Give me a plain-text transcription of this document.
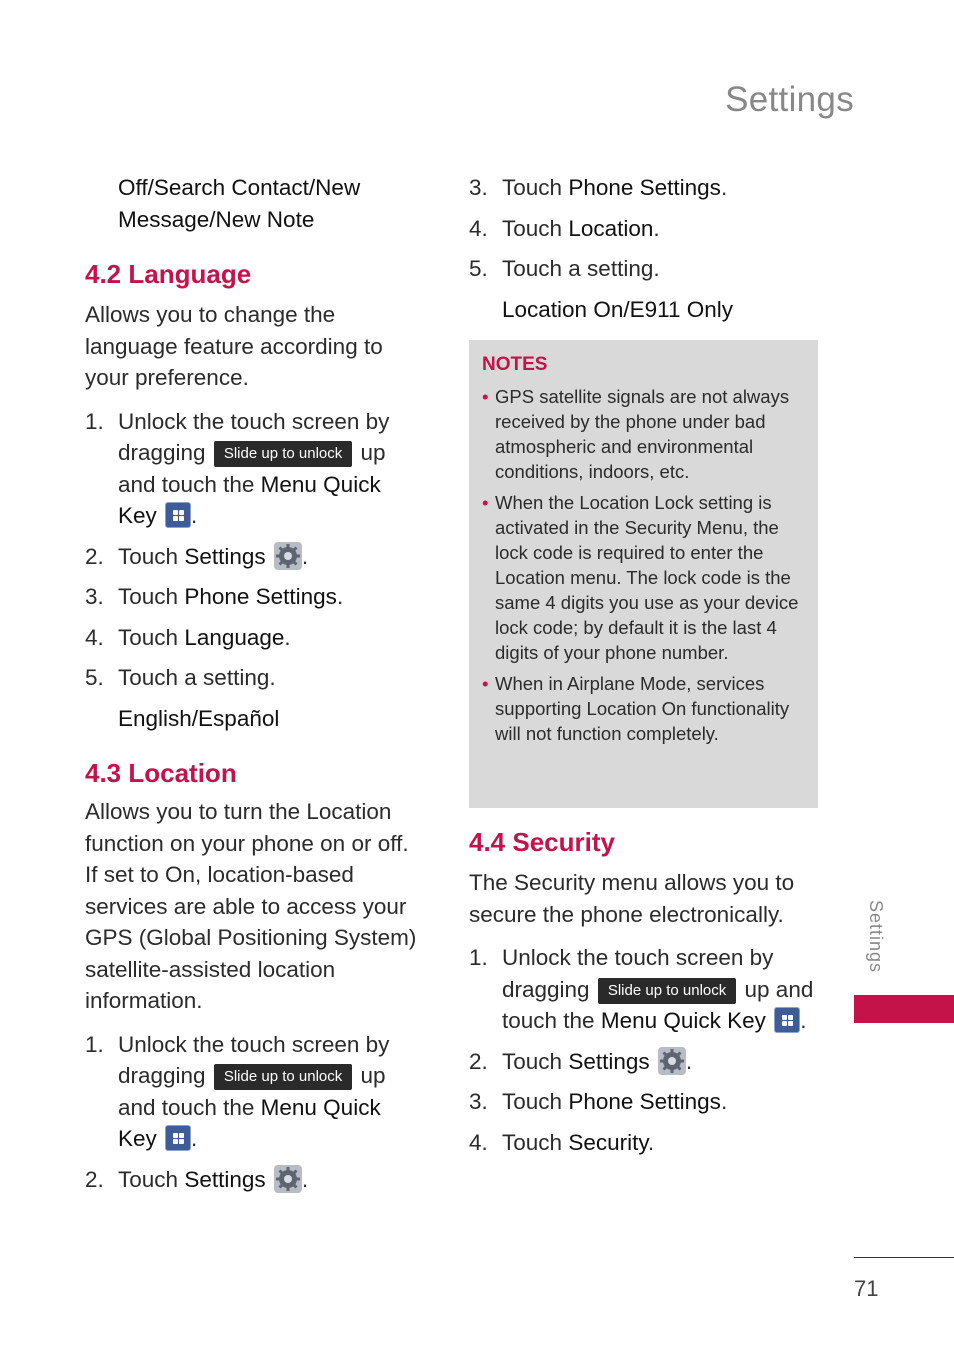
Settings

Off/Search Contact/New
Message/New Note

4.2 Language

Allows you to change the language feature according to your preference.

1. Unlock the touch screen by dragging Slide up to unlock up and touch the Menu Quick Key .
2. Touch Settings .
3. Touch Phone Settings.
4. Touch Language.
5. Touch a setting.

English/Español

4.3 Location

Allows you to turn the Location function on your phone on or off. If set to On, location-based services are able to access your GPS (Global Positioning System) satellite-assisted location information.

1. Unlock the touch screen by dragging Slide up to unlock up and touch the Menu Quick Key .
2. Touch Settings .
3. Touch Phone Settings.
4. Touch Location.
5. Touch a setting.

Location On/E911 Only

NOTES
• GPS satellite signals are not always received by the phone under bad atmospheric and environmental conditions, indoors, etc.
• When the Location Lock setting is activated in the Security Menu, the lock code is required to enter the Location menu. The lock code is the same 4 digits you use as your device lock code; by default it is the last 4 digits of your phone number.
• When in Airplane Mode, services supporting Location On functionality will not function completely.
4.4 Security

The Security menu allows you to secure the phone electronically.

1. Unlock the touch screen by dragging Slide up to unlock up and touch the Menu Quick Key .
2. Touch Settings .
3. Touch Phone Settings.
4. Touch Security.
Settings
71
